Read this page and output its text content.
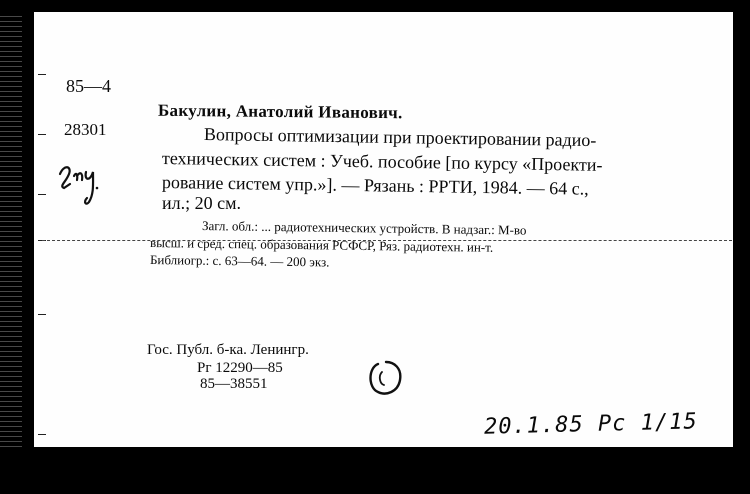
85—4
28301
Бакулин, Анатолий Иванович.
Вопросы оптимизации при проектировании радио-
технических систем : Учеб. пособие [по курсу «Проекти-
рование систем упр.»]. — Рязань : РРТИ, 1984. — 64 с.,
ил.; 20 см.
Загл. обл.: ... радиотехнических устройств. В надзаг.: М-во
высш. и сред. спец. образования РСФСР, Ряз. радиотехн. ин-т.
Библиогр.: с. 63—64. — 200 экз.
Гос. Публ. б-ка. Ленингр.
Рг 12290—85
85—38551
20.1.85 Рс 1/15
